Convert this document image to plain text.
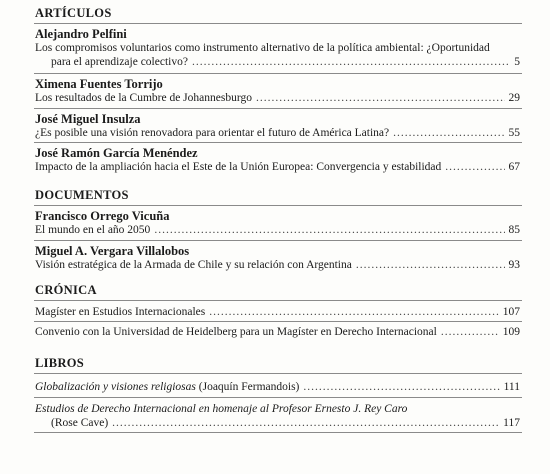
ARTÍCULOS
Alejandro Pelfini
Los compromisos voluntarios como instrumento alternativo de la política ambiental: ¿Oportunidad
para el aprendizaje colectivo? .....	5
Ximena Fuentes Torrijo
Los resultados de la Cumbre de Johannesburgo .....	29
José Miguel Insulza
¿Es posible una visión renovadora para orientar el futuro de América Latina? .....	55
José Ramón García Menéndez
Impacto de la ampliación hacia el Este de la Unión Europea: Convergencia y estabilidad .....	67
DOCUMENTOS
Francisco Orrego Vicuña
El mundo en el año 2050 .....	85
Miguel A. Vergara Villalobos
Visión estratégica de la Armada de Chile y su relación con Argentina .....	93
CRÓNICA
Magíster en Estudios Internacionales .....	107
Convenio con la Universidad de Heidelberg para un Magíster en Derecho Internacional .....	109
LIBROS
Globalización y visiones religiosas (Joaquín Fermandois) .....	111
Estudios de Derecho Internacional en homenaje al Profesor Ernesto J. Rey Caro
(Rose Cave) .....	117
